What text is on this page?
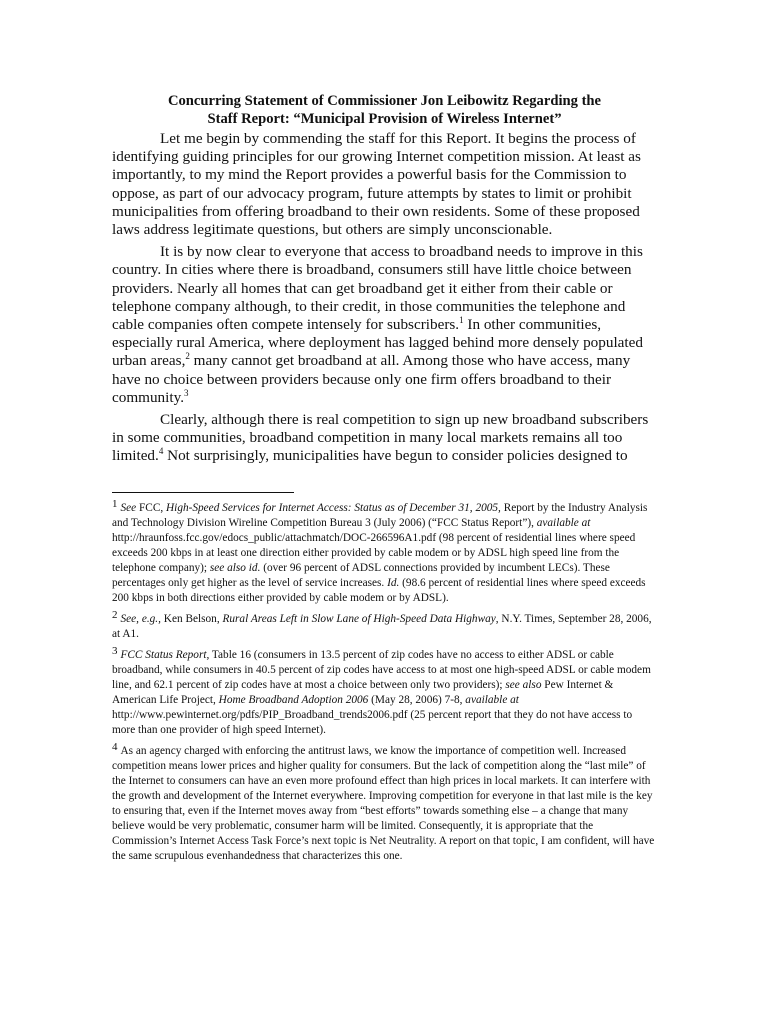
Concurring Statement of Commissioner Jon Leibowitz Regarding the
Staff Report: “Municipal Provision of Wireless Internet”

Let me begin by commending the staff for this Report. It begins the process of identifying guiding principles for our growing Internet competition mission. At least as importantly, to my mind the Report provides a powerful basis for the Commission to oppose, as part of our advocacy program, future attempts by states to limit or prohibit municipalities from offering broadband to their own residents. Some of these proposed laws address legitimate questions, but others are simply unconscionable.

It is by now clear to everyone that access to broadband needs to improve in this country. In cities where there is broadband, consumers still have little choice between providers. Nearly all homes that can get broadband get it either from their cable or telephone company although, to their credit, in those communities the telephone and cable companies often compete intensely for subscribers.$^1$ In other communities, especially rural America, where deployment has lagged behind more densely populated urban areas,$^2$ many cannot get broadband at all. Among those who have access, many have no choice between providers because only one firm offers broadband to their community.$^3$

Clearly, although there is real competition to sign up new broadband subscribers in some communities, broadband competition in many local markets remains all too limited.$^4$ Not surprisingly, municipalities have begun to consider policies designed to

$^1$ See FCC, High-Speed Services for Internet Access: Status as of December 31, 2005, Report by the Industry Analysis and Technology Division Wireline Competition Bureau 3 (July 2006) (“FCC Status Report”), available at http://hraunfoss.fcc.gov/edocs_public/attachmatch/DOC-266596A1.pdf (98 percent of residential lines where speed exceeds 200 kbps in at least one direction either provided by cable modem or by ADSL high speed line from the telephone company); see also id. (over 96 percent of ADSL connections provided by incumbent LECs). These percentages only get higher as the level of service increases. Id. (98.6 percent of residential lines where speed exceeds 200 kbps in both directions either provided by cable modem or by ADSL).

$^2$ See, e.g., Ken Belson, Rural Areas Left in Slow Lane of High-Speed Data Highway, N.Y. Times, September 28, 2006, at A1.

$^3$ FCC Status Report, Table 16 (consumers in 13.5 percent of zip codes have no access to either ADSL or cable broadband, while consumers in 40.5 percent of zip codes have access to at most one high-speed ADSL or cable modem line, and 62.1 percent of zip codes have at most a choice between only two providers); see also Pew Internet & American Life Project, Home Broadband Adoption 2006 (May 28, 2006) 7-8, available at http://www.pewinternet.org/pdfs/PIP_Broadband_trends2006.pdf (25 percent report that they do not have access to more than one provider of high speed Internet).

$^4$ As an agency charged with enforcing the antitrust laws, we know the importance of competition well. Increased competition means lower prices and higher quality for consumers. But the lack of competition along the “last mile” of the Internet to consumers can have an even more profound effect than high prices in local markets. It can interfere with the growth and development of the Internet everywhere. Improving competition for everyone in that last mile is the key to ensuring that, even if the Internet moves away from “best efforts” towards something else – a change that many believe would be very problematic, consumer harm will be limited. Consequently, it is appropriate that the Commission’s Internet Access Task Force’s next topic is Net Neutrality. A report on that topic, I am confident, will have the same scrupulous evenhandedness that characterizes this one.
